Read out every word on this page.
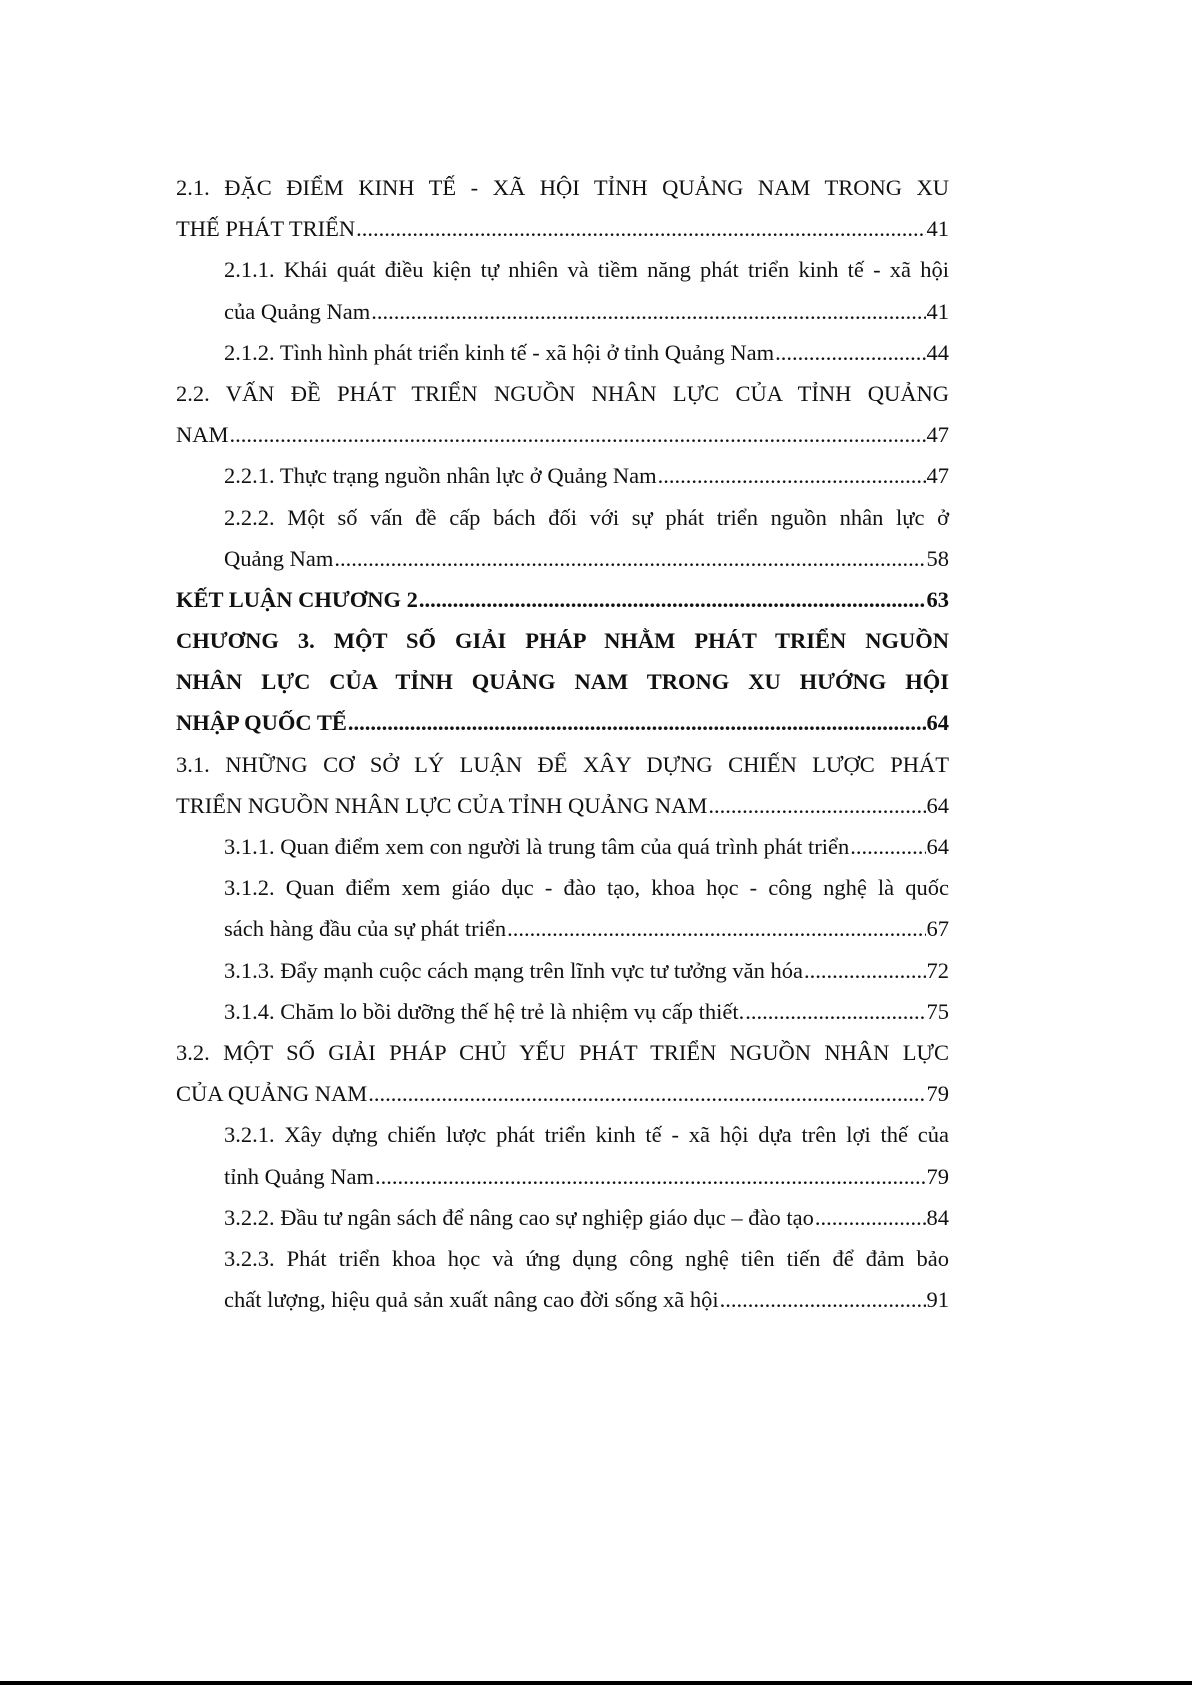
2.1. ĐẶC ĐIỂM KINH TẾ - XÃ HỘI TỈNH QUẢNG NAM TRONG XU
THẾ PHÁT TRIỂN .....	41
2.1.1. Khái quát điều kiện tự nhiên và tiềm năng phát triển kinh tế - xã hội
của Quảng Nam .....	41
2.1.2. Tình hình phát triển kinh tế - xã hội ở tỉnh Quảng Nam .....	44
2.2. VẤN ĐỀ PHÁT TRIỂN NGUỒN NHÂN LỰC CỦA TỈNH QUẢNG
NAM .....	47
2.2.1. Thực trạng nguồn nhân lực ở Quảng Nam .....	47
2.2.2. Một số vấn đề cấp bách đối với sự phát triển nguồn nhân lực ở
Quảng Nam .....	58
KẾT LUẬN CHƯƠNG 2 .....	63
CHƯƠNG 3. MỘT SỐ GIẢI PHÁP NHẰM PHÁT TRIỂN NGUỒN
NHÂN LỰC CỦA TỈNH QUẢNG NAM TRONG XU HƯỚNG HỘI
NHẬP QUỐC TẾ .....	64
3.1. NHỮNG CƠ SỞ LÝ LUẬN ĐỂ XÂY DỰNG CHIẾN LƯỢC PHÁT
TRIỂN NGUỒN NHÂN LỰC CỦA TỈNH QUẢNG NAM .....	64
3.1.1. Quan điểm xem con người là trung tâm của quá trình phát triển .....	64
3.1.2. Quan điểm xem giáo dục - đào tạo, khoa học - công nghệ là quốc
sách hàng đầu của sự phát triển .....	67
3.1.3. Đẩy mạnh cuộc cách mạng trên lĩnh vực tư tưởng văn hóa .....	72
3.1.4. Chăm lo bồi dưỡng thế hệ trẻ là nhiệm vụ cấp thiết. .....	75
3.2. MỘT SỐ GIẢI PHÁP CHỦ YẾU PHÁT TRIỂN NGUỒN NHÂN LỰC
CỦA QUẢNG NAM .....	79
3.2.1. Xây dựng chiến lược phát triển kinh tế - xã hội dựa trên lợi thế của
tỉnh Quảng Nam .....	79
3.2.2. Đầu tư ngân sách để nâng cao sự nghiệp giáo dục – đào tạo .....	84
3.2.3. Phát triển khoa học và ứng dụng công nghệ tiên tiến để đảm bảo
chất lượng, hiệu quả sản xuất nâng cao đời sống xã hội .....	91
